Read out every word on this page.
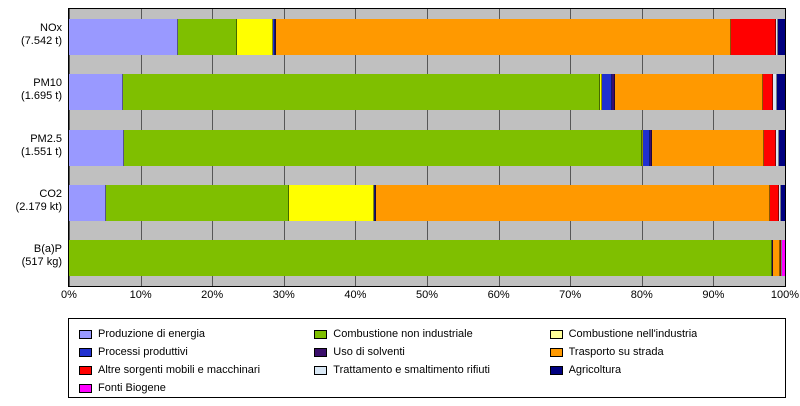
NOx
(7.542 t)
PM10
(1.695 t)
PM2.5
(1.551 t)
CO2
(2.179 kt)
B(a)P
(517 kg)
0%	10%	20%	30%	40%	50%	60%	70%	80%	90%	100%
Produzione di energia	Combustione non industriale	Combustione nell'industria
Processi produttivi	Uso di solventi	Trasporto su strada
Altre sorgenti mobili e macchinari	Trattamento e smaltimento rifiuti	Agricoltura
Fonti Biogene
